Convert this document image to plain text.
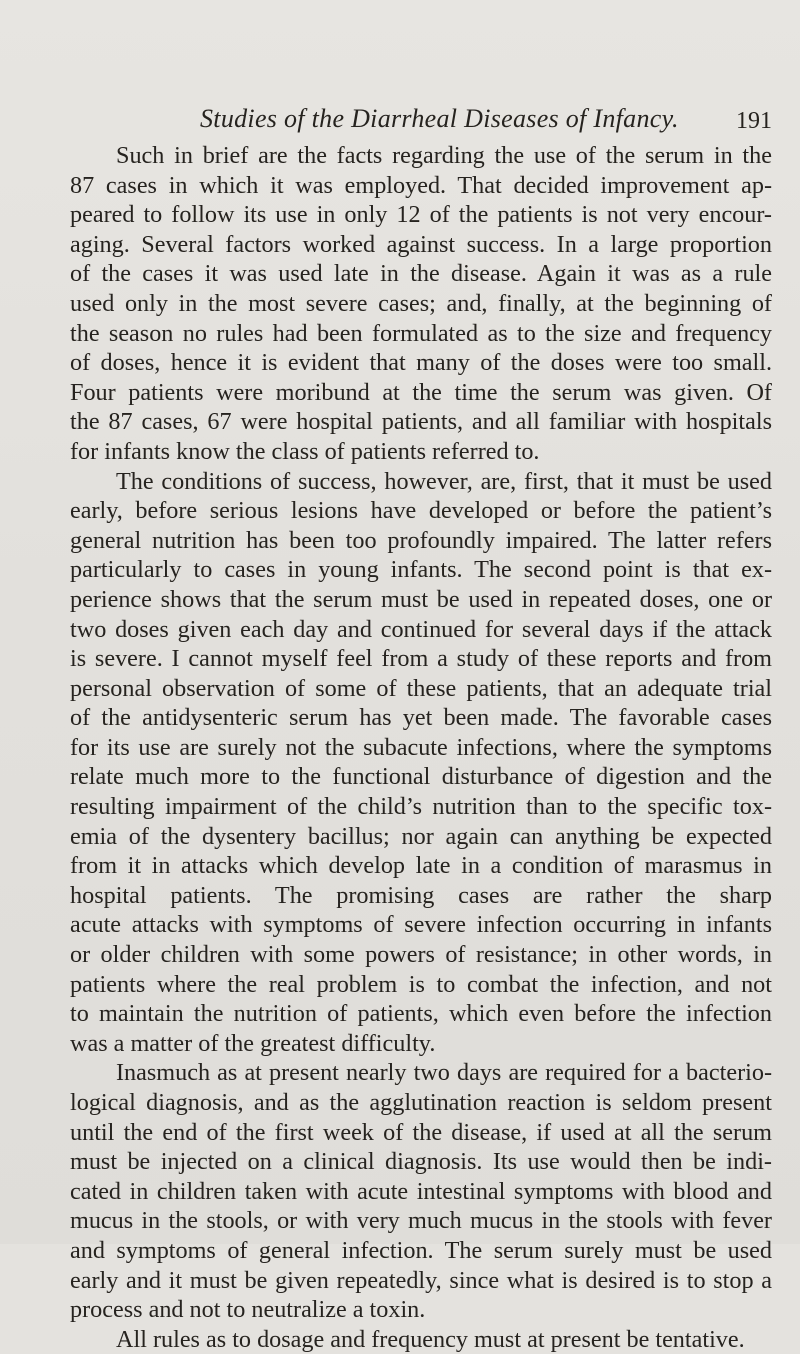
Studies of the Diarrheal Diseases of Infancy. 191
Such in brief are the facts regarding the use of the serum in the
87 cases in which it was employed. That decided improvement ap-
peared to follow its use in only 12 of the patients is not very encour-
aging. Several factors worked against success. In a large proportion
of the cases it was used late in the disease. Again it was as a rule
used only in the most severe cases; and, finally, at the beginning of
the season no rules had been formulated as to the size and frequency
of doses, hence it is evident that many of the doses were too small.
Four patients were moribund at the time the serum was given. Of
the 87 cases, 67 were hospital patients, and all familiar with hospitals
for infants know the class of patients referred to.
The conditions of success, however, are, first, that it must be used
early, before serious lesions have developed or before the patient’s
general nutrition has been too profoundly impaired. The latter refers
particularly to cases in young infants. The second point is that ex-
perience shows that the serum must be used in repeated doses, one or
two doses given each day and continued for several days if the attack
is severe. I cannot myself feel from a study of these reports and from
personal observation of some of these patients, that an adequate trial
of the antidysenteric serum has yet been made. The favorable cases
for its use are surely not the subacute infections, where the symptoms
relate much more to the functional disturbance of digestion and the
resulting impairment of the child’s nutrition than to the specific tox-
emia of the dysentery bacillus; nor again can anything be expected
from it in attacks which develop late in a condition of marasmus in
hospital patients. The promising cases are rather the sharp
acute attacks with symptoms of severe infection occurring in infants
or older children with some powers of resistance; in other words, in
patients where the real problem is to combat the infection, and not
to maintain the nutrition of patients, which even before the infection
was a matter of the greatest difficulty.
Inasmuch as at present nearly two days are required for a bacterio-
logical diagnosis, and as the agglutination reaction is seldom present
until the end of the first week of the disease, if used at all the serum
must be injected on a clinical diagnosis. Its use would then be indi-
cated in children taken with acute intestinal symptoms with blood and
mucus in the stools, or with very much mucus in the stools with fever
and symptoms of general infection. The serum surely must be used
early and it must be given repeatedly, since what is desired is to stop a
process and not to neutralize a toxin.
All rules as to dosage and frequency must at present be tentative.
